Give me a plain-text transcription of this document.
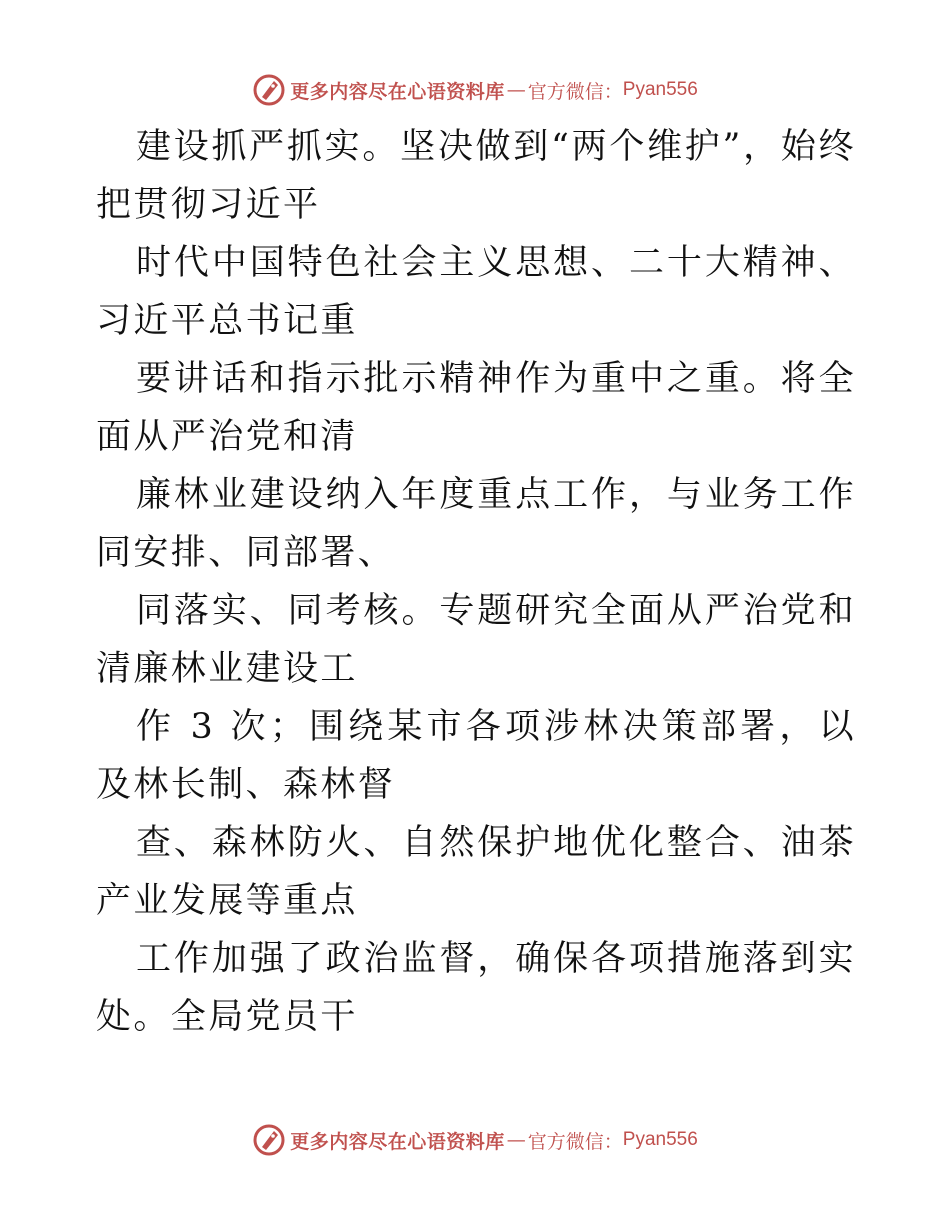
更多内容尽在心语资料库 — 官方微信 ： Pyan556

建设抓严抓实。坚决做到“两个维护”，始终把贯彻习近平

时代中国特色社会主义思想、二十大精神、习近平总书记重

要讲话和指示批示精神作为重中之重。将全面从严治党和清

廉林业建设纳入年度重点工作，与业务工作同安排、同部署、

同落实、同考核。专题研究全面从严治党和清廉林业建设工

作 3 次；围绕某市各项涉林决策部署，以及林长制、森林督

查、森林防火、自然保护地优化整合、油茶产业发展等重点

工作加强了政治监督，确保各项措施落到实处。全局党员干

更多内容尽在心语资料库 — 官方微信 ： Pyan556
